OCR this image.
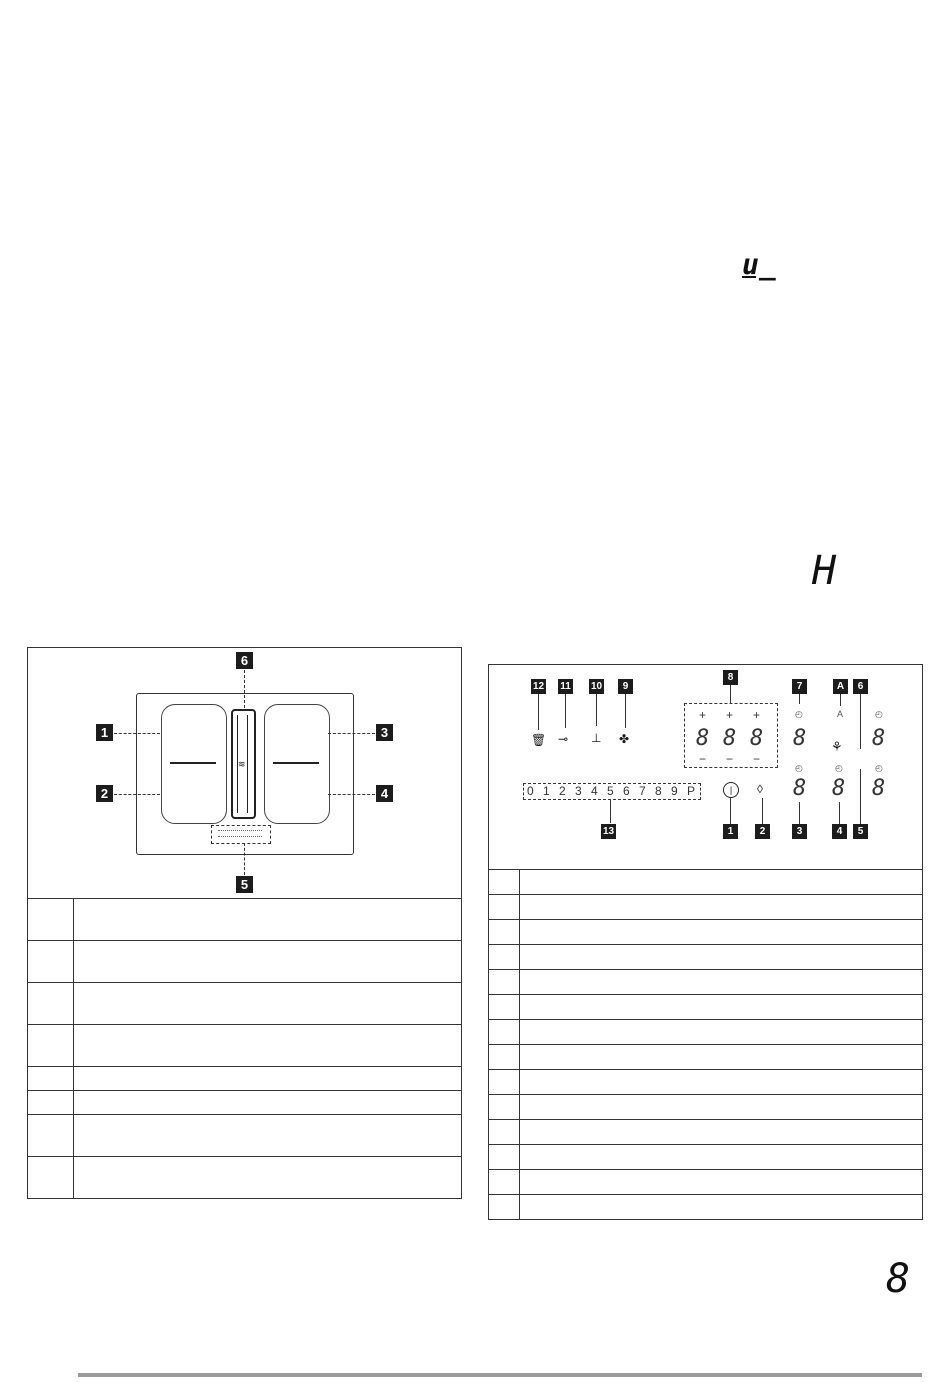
u̲
H
8
≋
1
2
3
4
5
6

12 11 10	9
8
7	A	6
🗑 ⊸ ⊥ ✤
+ + +
8 8 8
− − −
◴
8
A
⚘
◴
8
0 1 2 3 4 5 6 7 8 9 P
13
|	◊
1	2
◴
8
◴
8
◴
8
3	4	5
